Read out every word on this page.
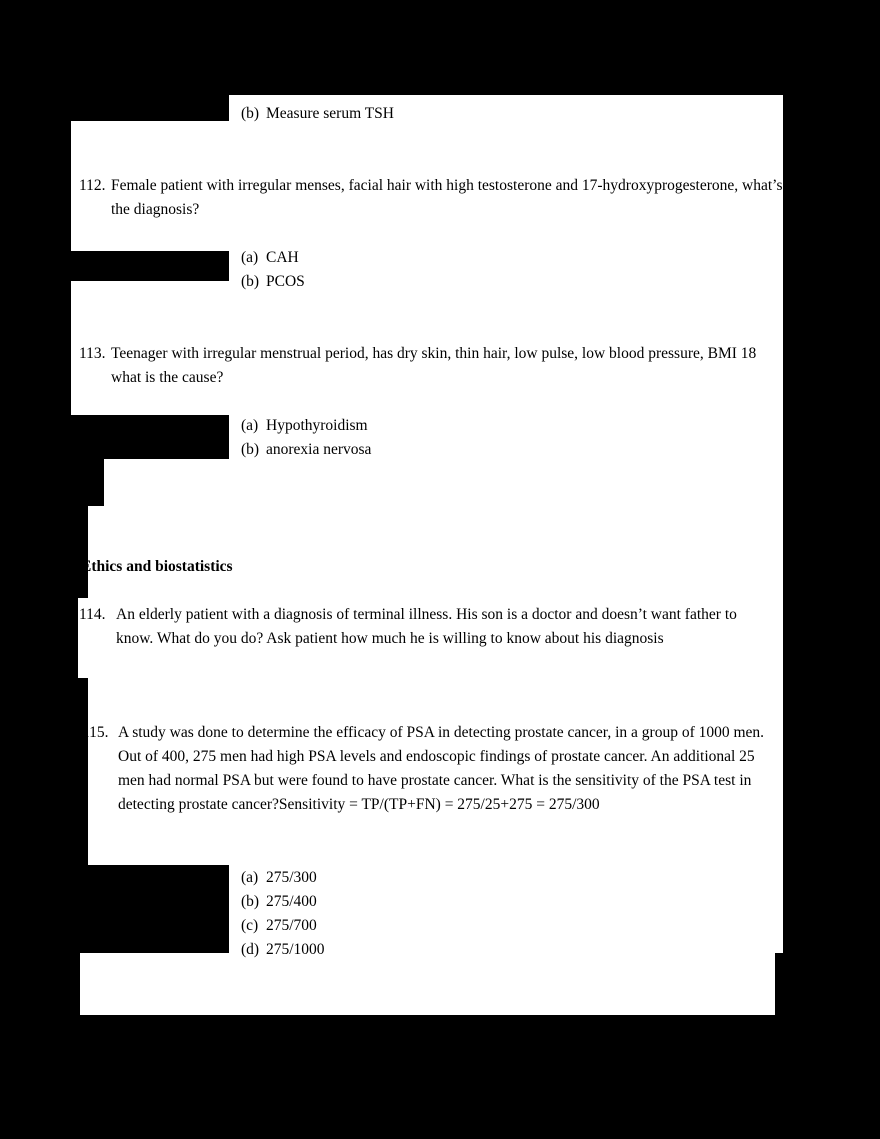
(b) Measure serum TSH
112. Female patient with irregular menses, facial hair with high testosterone and 17-hydroxyprogesterone, what’s the diagnosis?
(a) CAH
(b) PCOS
113. Teenager with irregular menstrual period, has dry skin, thin hair, low pulse, low blood pressure, BMI 18 what is the cause?
(a) Hypothyroidism
(b) anorexia nervosa
Ethics and biostatistics
114. An elderly patient with a diagnosis of terminal illness. His son is a doctor and doesn’t want father to know. What do you do? Ask patient how much he is willing to know about his diagnosis
115. A study was done to determine the efficacy of PSA in detecting prostate cancer, in a group of 1000 men. Out of 400, 275 men had high PSA levels and endoscopic findings of prostate cancer. An additional 25 men had normal PSA but were found to have prostate cancer. What is the sensitivity of the PSA test in detecting prostate cancer?Sensitivity = TP/(TP+FN) = 275/25+275 = 275/300
(a) 275/300
(b) 275/400
(c) 275/700
(d) 275/1000
